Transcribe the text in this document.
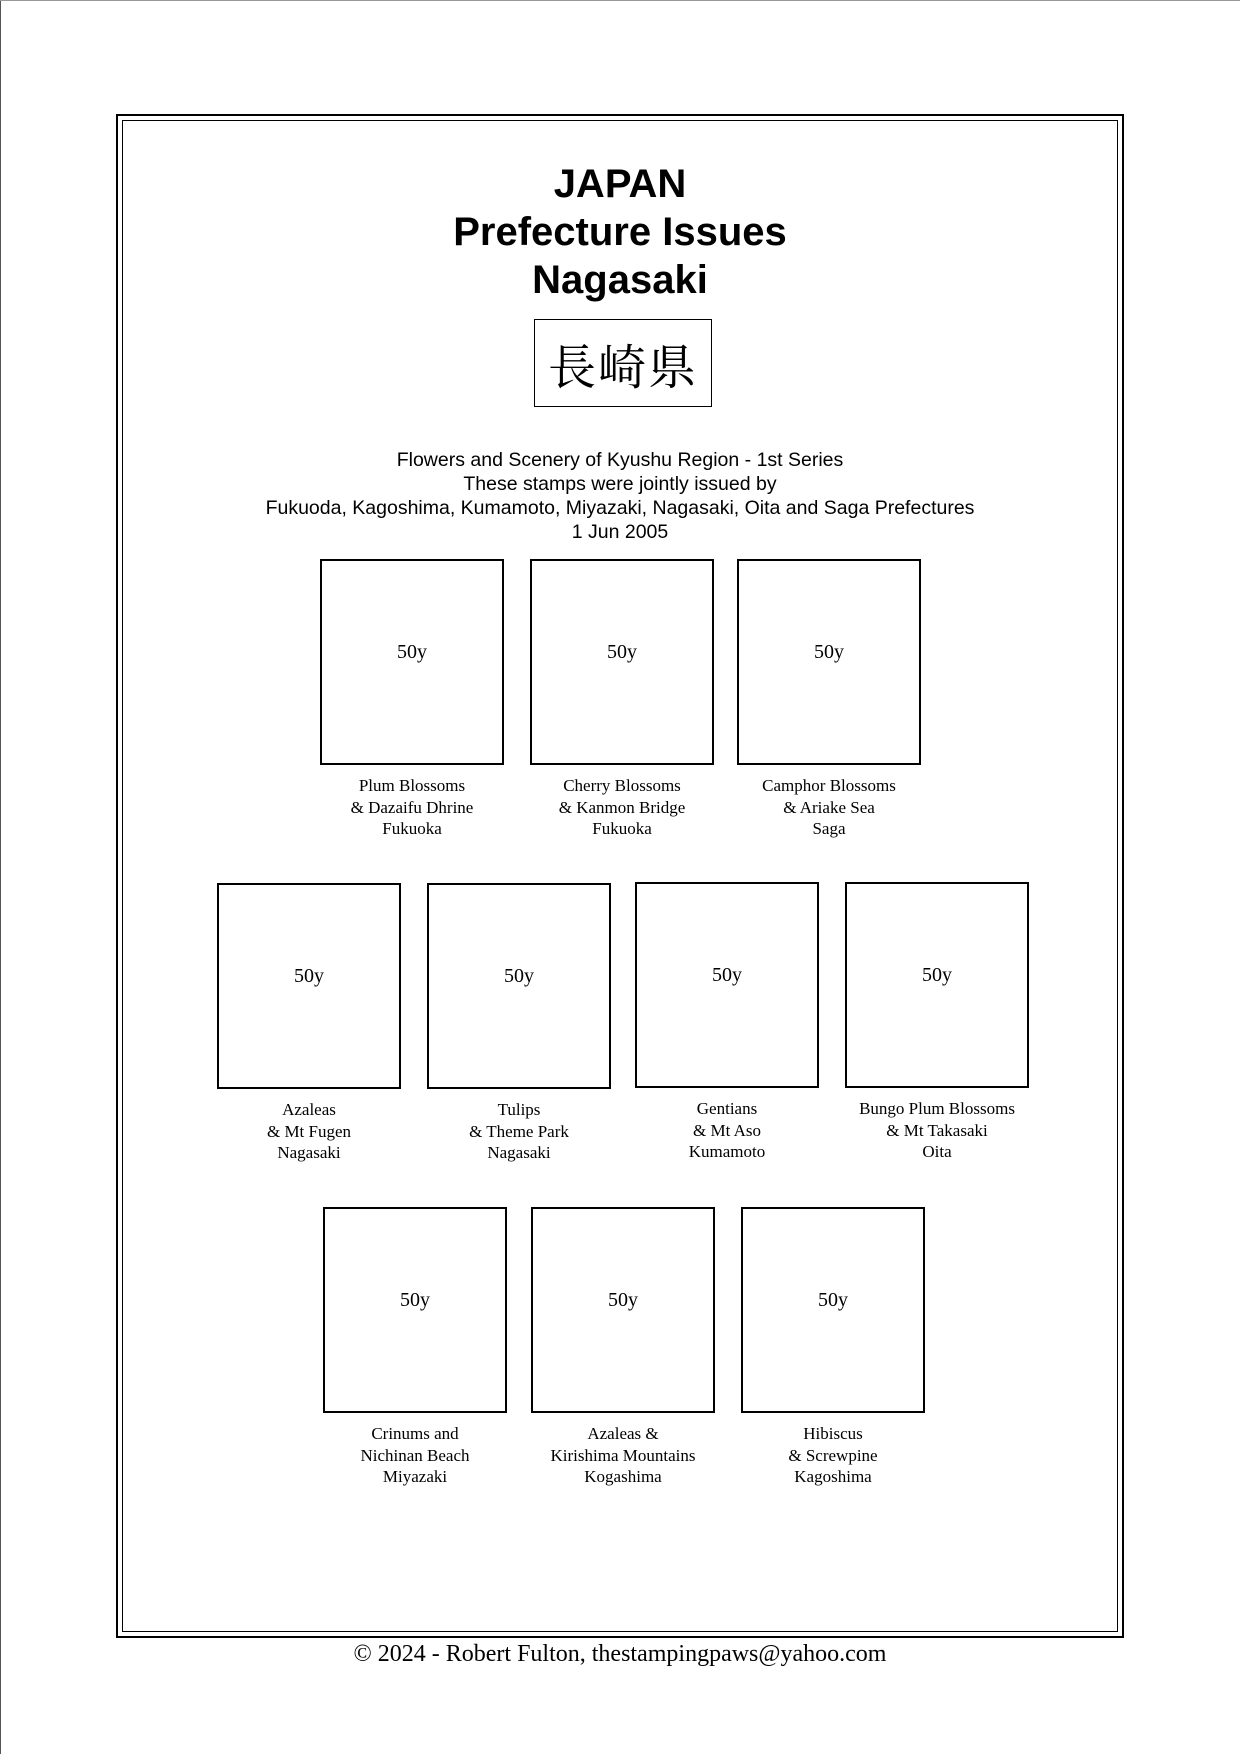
JAPAN
Prefecture Issues
Nagasaki
長崎県
Flowers and Scenery of Kyushu Region - 1st Series
These stamps were jointly issued by
Fukuoda, Kagoshima, Kumamoto, Miyazaki, Nagasaki, Oita and Saga Prefectures
1 Jun 2005
50y
Plum Blossoms
& Dazaifu Dhrine
Fukuoka
50y
Cherry Blossoms
& Kanmon Bridge
Fukuoka
50y
Camphor Blossoms
& Ariake Sea
Saga
50y
Azaleas
& Mt Fugen
Nagasaki
50y
Tulips
& Theme Park
Nagasaki
50y
Gentians
& Mt Aso
Kumamoto
50y
Bungo Plum Blossoms
& Mt Takasaki
Oita
50y
Crinums and
Nichinan Beach
Miyazaki
50y
Azaleas &
Kirishima Mountains
Kogashima
50y
Hibiscus
& Screwpine
Kagoshima
© 2024 - Robert Fulton, thestampingpaws@yahoo.com
